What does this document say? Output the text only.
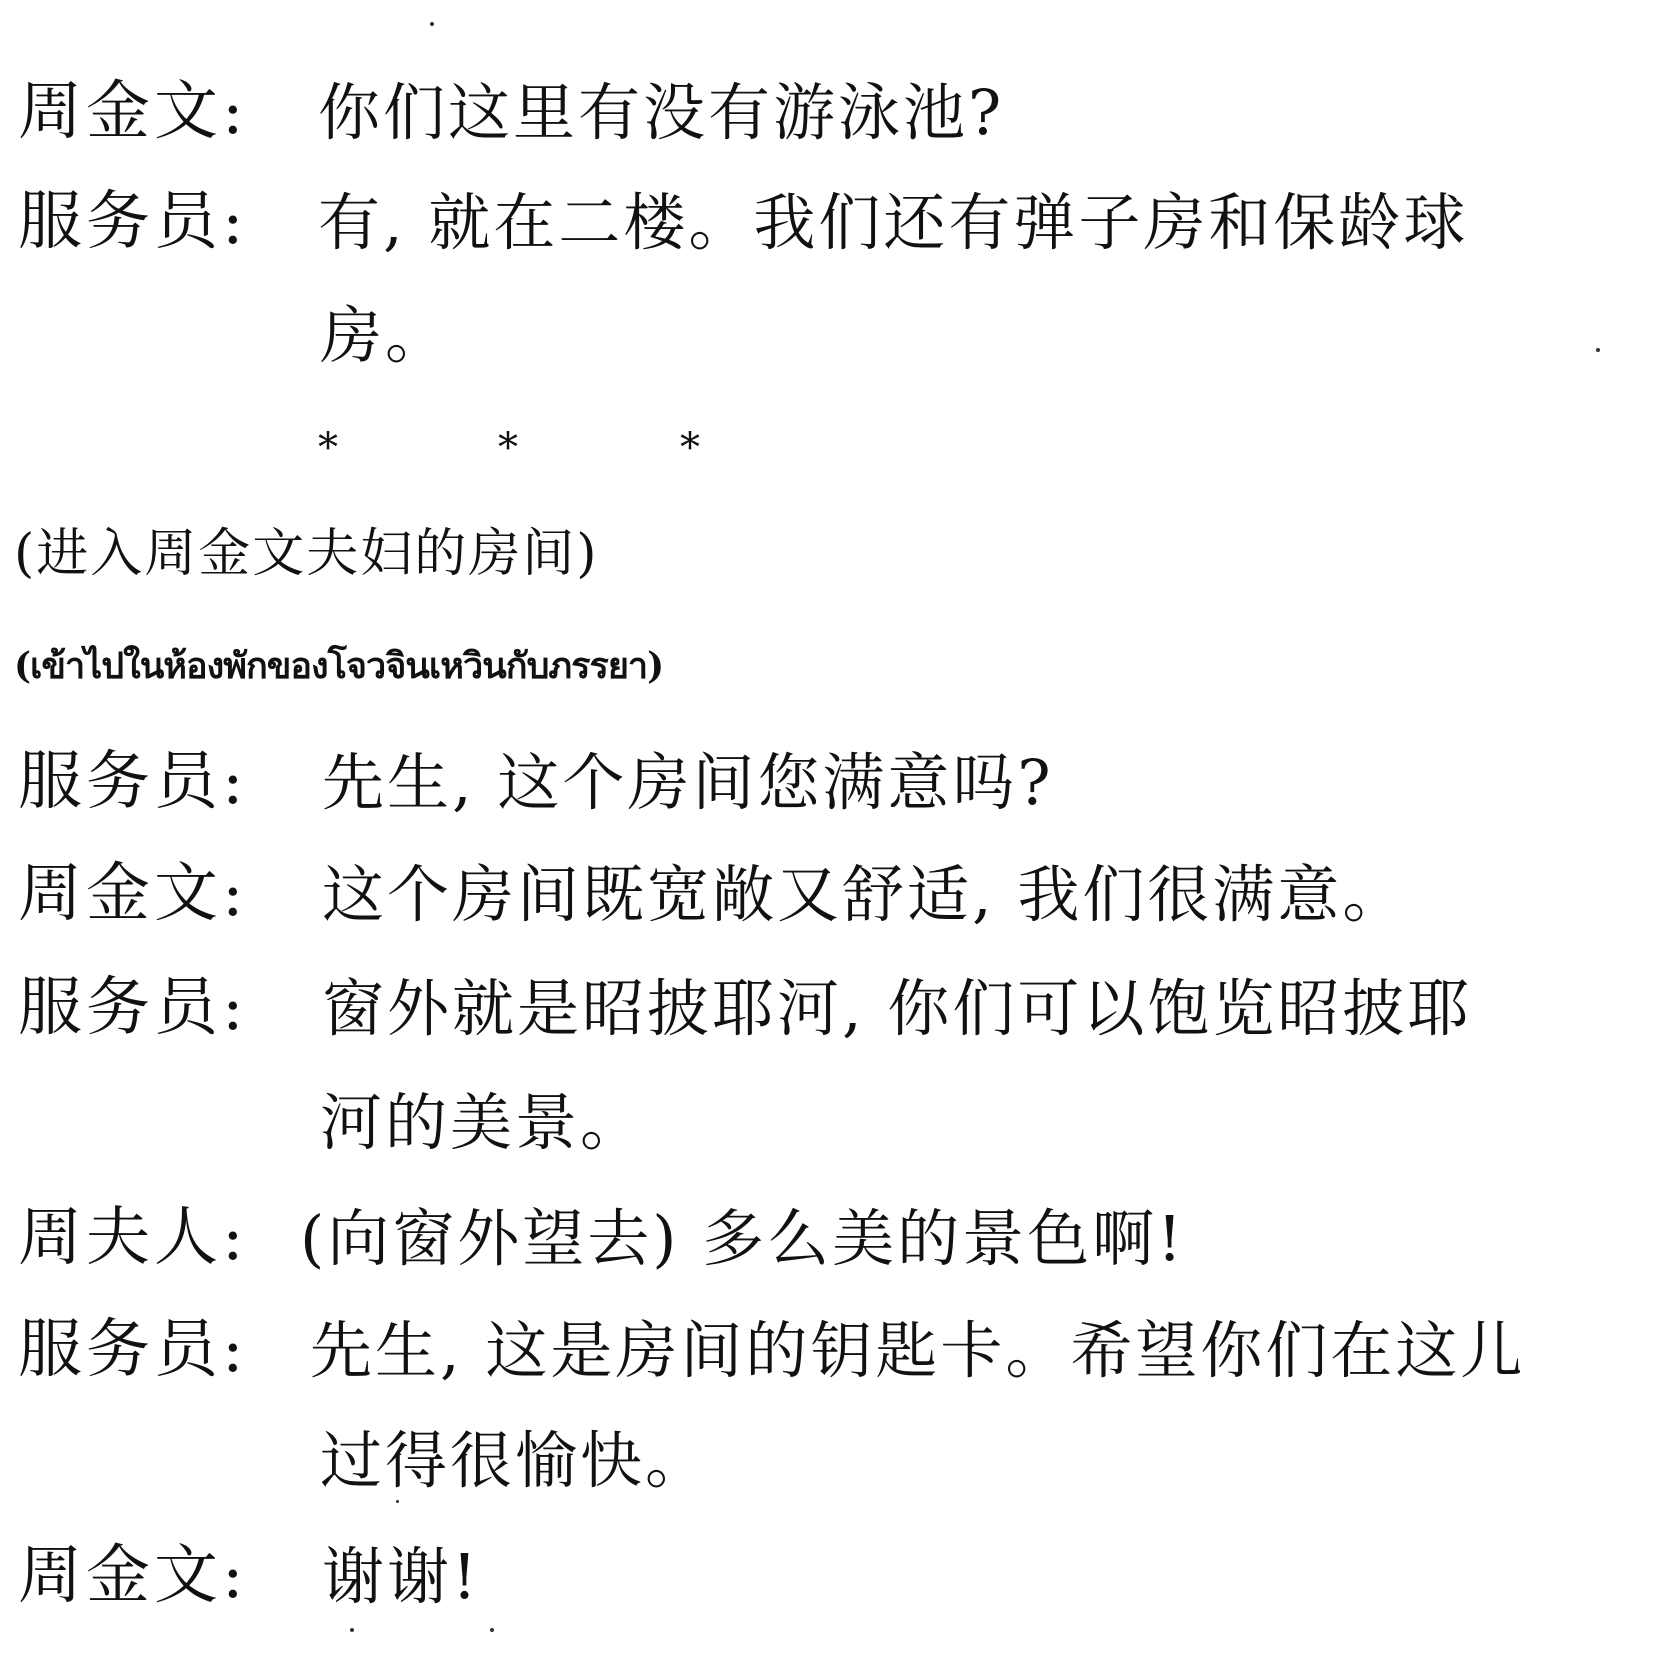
周金文: 你们这里有没有游泳池?
服务员: 有, 就在二楼。我们还有弹子房和保龄球
房。
*	*	*
(进入周金文夫妇的房间)
(เข้าไปในห้องพักของโจวจินเหวินกับภรรยา)
服务员: 先生, 这个房间您满意吗?
周金文: 这个房间既宽敞又舒适, 我们很满意。
服务员: 窗外就是昭披耶河, 你们可以饱览昭披耶
河的美景。
周夫人: (向窗外望去) 多么美的景色啊!
服务员: 先生, 这是房间的钥匙卡。希望你们在这儿
过得很愉快。
周金文: 谢谢!
